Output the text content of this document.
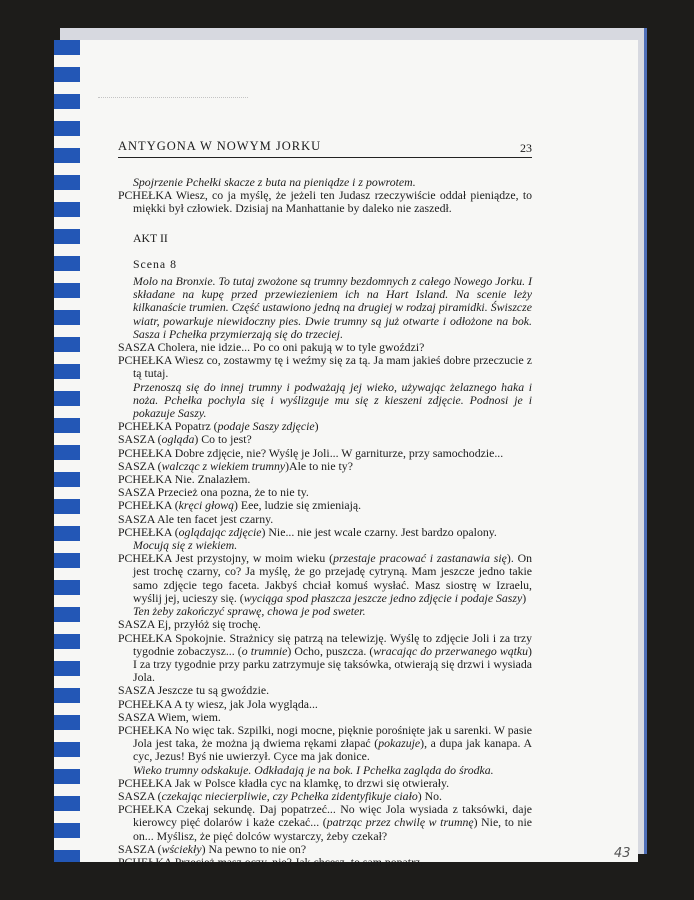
ANTYGONA W NOWYM JORKU	23

Spojrzenie Pchełki skacze z buta na pieniądze i z powrotem.

PCHEŁKA Wiesz, co ja myślę, że jeżeli ten Judasz rzeczywiście oddał pieniądze, to miękki był człowiek. Dzisiaj na Manhattanie by daleko nie zaszedł.

AKT II

Scena 8

Molo na Bronxie. To tutaj zwożone są trumny bezdomnych z całego Nowego Jorku. I składane na kupę przed przewiezieniem ich na Hart Island. Na scenie leży kilkanaście trumien. Część ustawiono jedną na drugiej w rodzaj piramidki. Świszcze wiatr, powarkuje niewidoczny pies. Dwie trumny są już otwarte i odłożone na bok. Sasza i Pchełka przymierzają się do trzeciej.

SASZA Cholera, nie idzie... Po co oni pakują w to tyle gwoździ?

PCHEŁKA Wiesz co, zostawmy tę i weźmy się za tą. Ja mam jakieś dobre przeczucie z tą tutaj.

Przenoszą się do innej trumny i podważają jej wieko, używając żelaznego haka i noża. Pchełka pochyla się i wyślizguje mu się z kieszeni zdjęcie. Podnosi je i pokazuje Saszy.

PCHEŁKA Popatrz (podaje Saszy zdjęcie)

SASZA (ogląda) Co to jest?

PCHEŁKA Dobre zdjęcie, nie? Wyślę je Joli... W garniturze, przy samochodzie...

SASZA (walcząc z wiekiem trumny)Ale to nie ty?

PCHEŁKA Nie. Znalazłem.

SASZA Przecież ona pozna, że to nie ty.

PCHEŁKA (kręci głową) Eee, ludzie się zmieniają.

SASZA Ale ten facet jest czarny.

PCHEŁKA (oglądając zdjęcie) Nie... nie jest wcale czarny. Jest bardzo opalony.

Mocują się z wiekiem.

PCHEŁKA Jest przystojny, w moim wieku (przestaje pracować i zastanawia się). On jest trochę czarny, co? Ja myślę, że go przejadę cytryną. Mam jeszcze jedno takie samo zdjęcie tego faceta. Jakbyś chciał komuś wysłać. Masz siostrę w Izraelu, wyślij jej, ucieszy się. (wyciąga spod płaszcza jeszcze jedno zdjęcie i podaje Saszy)

Ten żeby zakończyć sprawę, chowa je pod sweter.

SASZA Ej, przyłóż się trochę.

PCHEŁKA Spokojnie. Strażnicy się patrzą na telewizję. Wyślę to zdjęcie Joli i za trzy tygodnie zobaczysz... (o trumnie) Ocho, puszcza. (wracając do przerwanego wątku) I za trzy tygodnie przy parku zatrzymuje się taksówka, otwierają się drzwi i wysiada Jola.

SASZA Jeszcze tu są gwoździe.

PCHEŁKA A ty wiesz, jak Jola wygląda...

SASZA Wiem, wiem.

PCHEŁKA No więc tak. Szpilki, nogi mocne, pięknie porośnięte jak u sarenki. W pasie Jola jest taka, że można ją dwiema rękami złapać (pokazuje), a dupa jak kanapa. A cyc, Jezus! Byś nie uwierzył. Cyce ma jak donice.

Wieko trumny odskakuje. Odkładają je na bok. I Pchełka zagląda do środka.

PCHEŁKA Jak w Polsce kładła cyc na klamkę, to drzwi się otwierały.

SASZA (czekając niecierpliwie, czy Pchełka zidentyfikuje ciało) No.

PCHEŁKA Czekaj sekundę. Daj popatrzeć... No więc Jola wysiada z taksówki, daje kierowcy pięć dolarów i każe czekać... (patrząc przez chwilę w trumnę) Nie, to nie on... Myślisz, że pięć dolców wystarczy, żeby czekał?

SASZA (wściekły) Na pewno to nie on?

PCHEŁKA Przecież masz oczy, nie? Jak chcesz, to sam popatrz.

43
